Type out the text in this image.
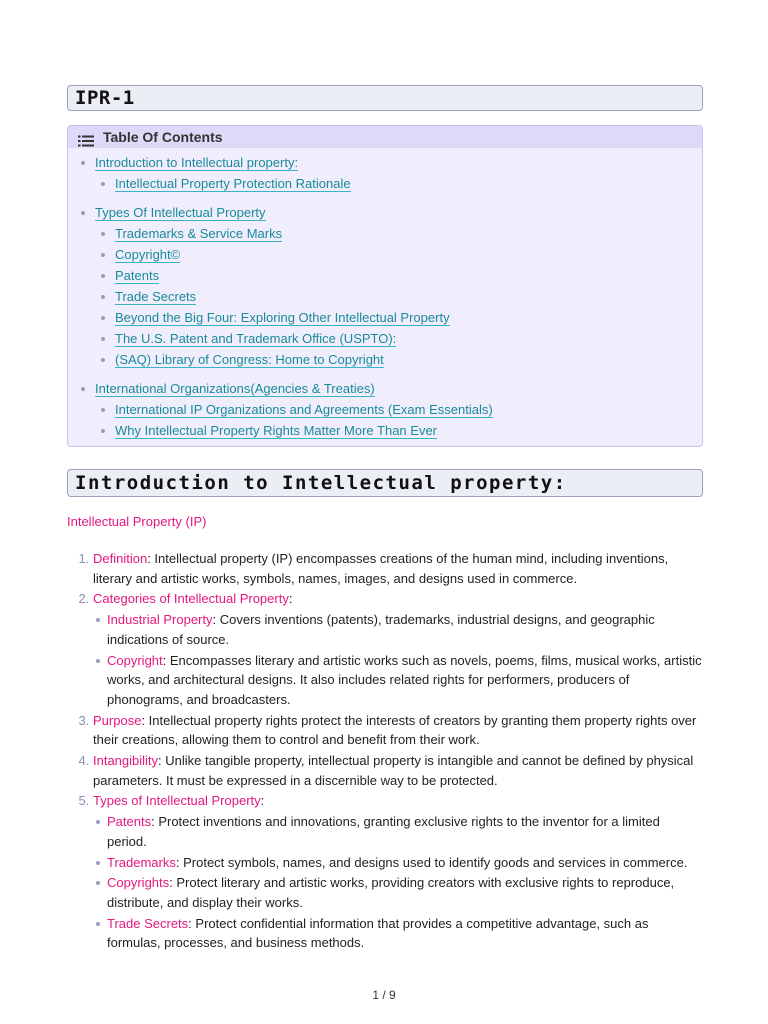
IPR-1
Table Of Contents
Introduction to Intellectual property:
Intellectual Property Protection Rationale
Types Of Intellectual Property
Trademarks & Service Marks
Copyright©
Patents
Trade Secrets
Beyond the Big Four: Exploring Other Intellectual Property
The U.S. Patent and Trademark Office (USPTO):
(SAQ) Library of Congress: Home to Copyright
International Organizations(Agencies & Treaties)
International IP Organizations and Agreements (Exam Essentials)
Why Intellectual Property Rights Matter More Than Ever
Introduction to Intellectual property:
Intellectual Property (IP)
1. Definition: Intellectual property (IP) encompasses creations of the human mind, including inventions, literary and artistic works, symbols, names, images, and designs used in commerce.
2. Categories of Intellectual Property:
Industrial Property: Covers inventions (patents), trademarks, industrial designs, and geographic indications of source.
Copyright: Encompasses literary and artistic works such as novels, poems, films, musical works, artistic works, and architectural designs. It also includes related rights for performers, producers of phonograms, and broadcasters.
3. Purpose: Intellectual property rights protect the interests of creators by granting them property rights over their creations, allowing them to control and benefit from their work.
4. Intangibility: Unlike tangible property, intellectual property is intangible and cannot be defined by physical parameters. It must be expressed in a discernible way to be protected.
5. Types of Intellectual Property:
Patents: Protect inventions and innovations, granting exclusive rights to the inventor for a limited period.
Trademarks: Protect symbols, names, and designs used to identify goods and services in commerce.
Copyrights: Protect literary and artistic works, providing creators with exclusive rights to reproduce, distribute, and display their works.
Trade Secrets: Protect confidential information that provides a competitive advantage, such as formulas, processes, and business methods.
1 / 9
